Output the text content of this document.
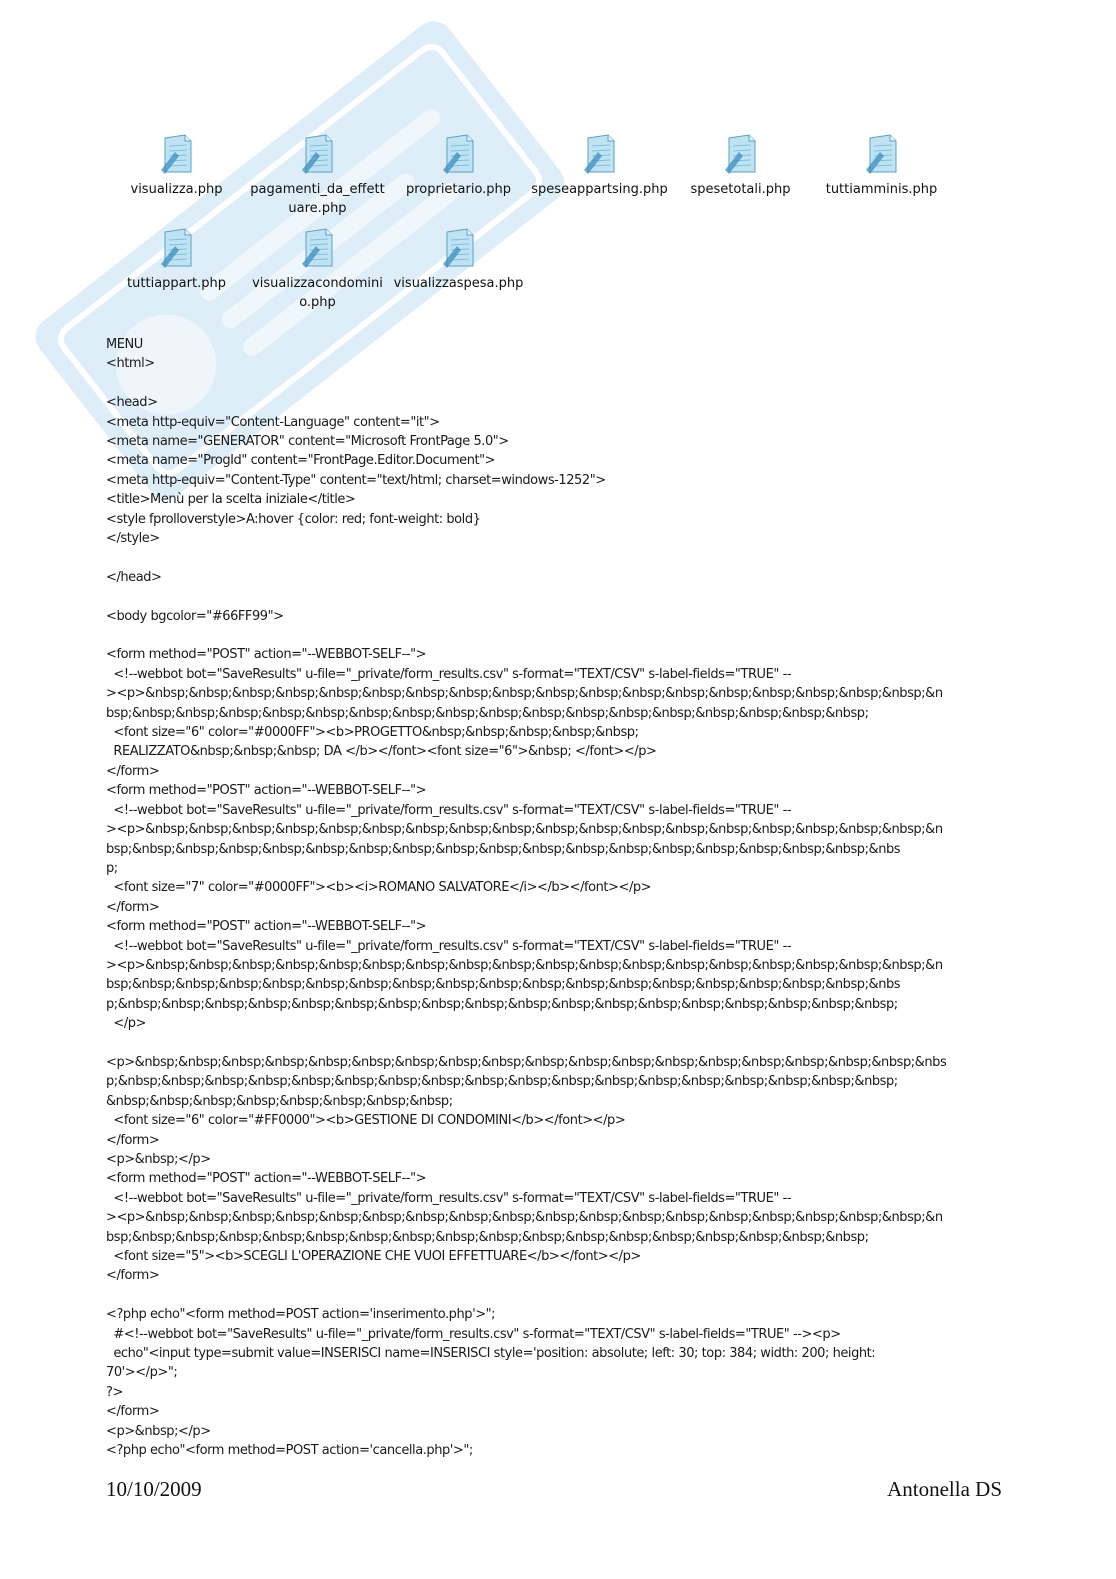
visualizza.php	pagamenti_da_effettuare.php
proprietario.php	speseappartsing.php	spesetotali.php	tuttiamminis.php
tuttiappart.php	visualizzacondominio.php
visualizzaspesa.php
MENU
<html>
<head>
<meta http-equiv="Content-Language" content="it">
<meta name="GENERATOR" content="Microsoft FrontPage 5.0">
<meta name="ProgId" content="FrontPage.Editor.Document">
<meta http-equiv="Content-Type" content="text/html; charset=windows-1252">
<title>Menù per la scelta iniziale</title>
<style fprolloverstyle>A:hover {color: red; font-weight: bold}
</style>
</head>
<body bgcolor="#66FF99">
<form method="POST" action="--WEBBOT-SELF--">
<!--webbot bot="SaveResults" u-file="_private/form_results.csv" s-format="TEXT/CSV" s-label-fields="TRUE" --
><p>&nbsp;&nbsp;&nbsp;&nbsp;&nbsp;&nbsp;&nbsp;&nbsp;&nbsp;&nbsp;&nbsp;&nbsp;&nbsp;&nbsp;&nbsp;&nbsp;&nbsp;&nbsp;&n
bsp;&nbsp;&nbsp;&nbsp;&nbsp;&nbsp;&nbsp;&nbsp;&nbsp;&nbsp;&nbsp;&nbsp;&nbsp;&nbsp;&nbsp;&nbsp;&nbsp;&nbsp;
<font size="6" color="#0000FF"><b>PROGETTO&nbsp;&nbsp;&nbsp;&nbsp;&nbsp;
REALIZZATO&nbsp;&nbsp;&nbsp; DA </b></font><font size="6">&nbsp; </font></p>
</form>
<form method="POST" action="--WEBBOT-SELF--">
<!--webbot bot="SaveResults" u-file="_private/form_results.csv" s-format="TEXT/CSV" s-label-fields="TRUE" --
><p>&nbsp;&nbsp;&nbsp;&nbsp;&nbsp;&nbsp;&nbsp;&nbsp;&nbsp;&nbsp;&nbsp;&nbsp;&nbsp;&nbsp;&nbsp;&nbsp;&nbsp;&nbsp;&n
bsp;&nbsp;&nbsp;&nbsp;&nbsp;&nbsp;&nbsp;&nbsp;&nbsp;&nbsp;&nbsp;&nbsp;&nbsp;&nbsp;&nbsp;&nbsp;&nbsp;&nbsp;&nbs
p;
<font size="7" color="#0000FF"><b><i>ROMANO SALVATORE</i></b></font></p>
</form>
<form method="POST" action="--WEBBOT-SELF--">
<!--webbot bot="SaveResults" u-file="_private/form_results.csv" s-format="TEXT/CSV" s-label-fields="TRUE" --
><p>&nbsp;&nbsp;&nbsp;&nbsp;&nbsp;&nbsp;&nbsp;&nbsp;&nbsp;&nbsp;&nbsp;&nbsp;&nbsp;&nbsp;&nbsp;&nbsp;&nbsp;&nbsp;&n
bsp;&nbsp;&nbsp;&nbsp;&nbsp;&nbsp;&nbsp;&nbsp;&nbsp;&nbsp;&nbsp;&nbsp;&nbsp;&nbsp;&nbsp;&nbsp;&nbsp;&nbsp;&nbs
p;&nbsp;&nbsp;&nbsp;&nbsp;&nbsp;&nbsp;&nbsp;&nbsp;&nbsp;&nbsp;&nbsp;&nbsp;&nbsp;&nbsp;&nbsp;&nbsp;&nbsp;&nbsp;
</p>
<p>&nbsp;&nbsp;&nbsp;&nbsp;&nbsp;&nbsp;&nbsp;&nbsp;&nbsp;&nbsp;&nbsp;&nbsp;&nbsp;&nbsp;&nbsp;&nbsp;&nbsp;&nbsp;&nbs
p;&nbsp;&nbsp;&nbsp;&nbsp;&nbsp;&nbsp;&nbsp;&nbsp;&nbsp;&nbsp;&nbsp;&nbsp;&nbsp;&nbsp;&nbsp;&nbsp;&nbsp;&nbsp;
&nbsp;&nbsp;&nbsp;&nbsp;&nbsp;&nbsp;&nbsp;&nbsp;
<font size="6" color="#FF0000"><b>GESTIONE DI CONDOMINI</b></font></p>
</form>
<p>&nbsp;</p>
<form method="POST" action="--WEBBOT-SELF--">
<!--webbot bot="SaveResults" u-file="_private/form_results.csv" s-format="TEXT/CSV" s-label-fields="TRUE" --
><p>&nbsp;&nbsp;&nbsp;&nbsp;&nbsp;&nbsp;&nbsp;&nbsp;&nbsp;&nbsp;&nbsp;&nbsp;&nbsp;&nbsp;&nbsp;&nbsp;&nbsp;&nbsp;&n
bsp;&nbsp;&nbsp;&nbsp;&nbsp;&nbsp;&nbsp;&nbsp;&nbsp;&nbsp;&nbsp;&nbsp;&nbsp;&nbsp;&nbsp;&nbsp;&nbsp;&nbsp;
<font size="5"><b>SCEGLI L'OPERAZIONE CHE VUOI EFFETTUARE</b></font></p>
</form>
<?php echo"<form method=POST action='inserimento.php'>";
#<!--webbot bot="SaveResults" u-file="_private/form_results.csv" s-format="TEXT/CSV" s-label-fields="TRUE" --><p>
echo"<input type=submit value=INSERISCI name=INSERISCI style='position: absolute; left: 30; top: 384; width: 200; height:
70'></p>";
?>
</form>
<p>&nbsp;</p>
<?php echo"<form method=POST action='cancella.php'>";
10/10/2009	Antonella DS
